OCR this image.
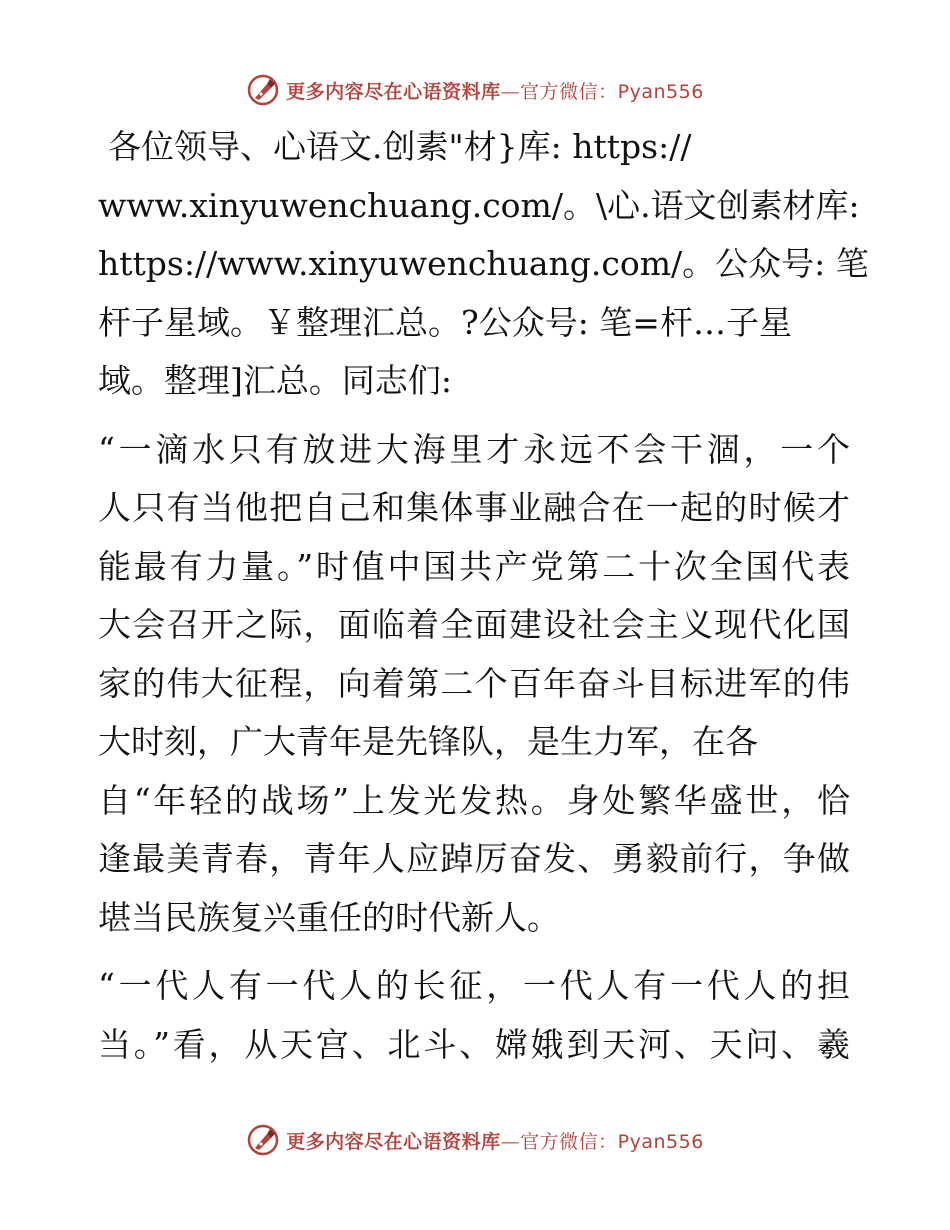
更多内容尽在心语资料库—官方微信：Pyan556
各位领导、心语文.创素"材}库: https://
www.xinyuwenchuang.com/。\心.语文创素材库:
https://www.xinyuwenchuang.com/。公众号: 笔
杆子星域。￥整理汇总。?公众号: 笔=杆…子星
域。整理]汇总。同志们:
“一滴水只有放进大海里才永远不会干涸，一个
人只有当他把自己和集体事业融合在一起的时候才
能最有力量。”时值中国共产党第二十次全国代表
大会召开之际，面临着全面建设社会主义现代化国
家的伟大征程，向着第二个百年奋斗目标进军的伟
大时刻，广大青年是先锋队，是生力军，在各
自“年轻的战场”上发光发热。身处繁华盛世，恰
逢最美青春，青年人应踔厉奋发、勇毅前行，争做
堪当民族复兴重任的时代新人。
“一代人有一代人的长征，一代人有一代人的担
当。”看，从天宫、北斗、嫦娥到天河、天问、羲
更多内容尽在心语资料库—官方微信：Pyan556
